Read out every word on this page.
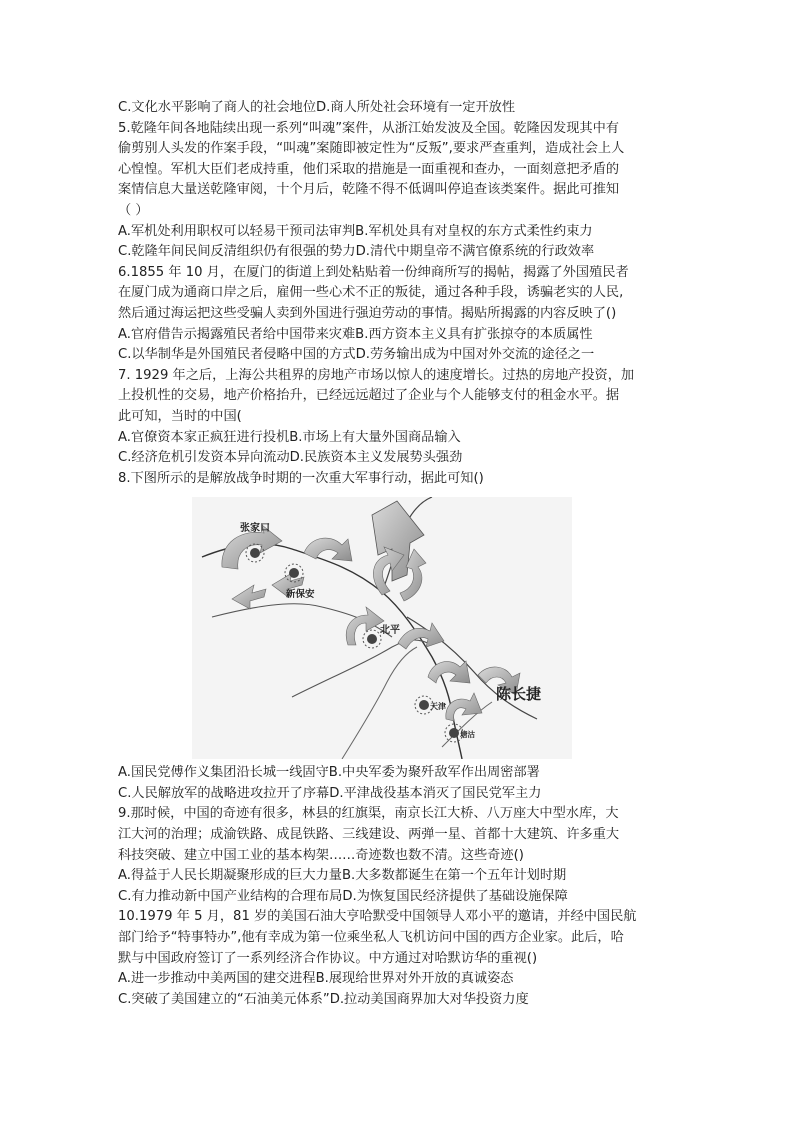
C.文化水平影响了商人的社会地位D.商人所处社会环境有一定开放性
5.乾隆年间各地陆续出现一系列“叫魂”案件，从浙江始发波及全国。乾隆因发现其中有
偷剪别人头发的作案手段，“叫魂”案随即被定性为“反叛”,要求严查重判，造成社会上人
心惶惶。军机大臣们老成持重，他们采取的措施是一面重视和查办，一面刻意把矛盾的
案情信息大量送乾隆审阅，十个月后，乾隆不得不低调叫停追查该类案件。据此可推知
（ ）
A.军机处利用职权可以轻易干预司法审判B.军机处具有对皇权的东方式柔性约束力
C.乾隆年间民间反清组织仍有很强的势力D.清代中期皇帝不满官僚系统的行政效率
6.1855 年 10 月，在厦门的街道上到处粘贴着一份绅商所写的揭帖，揭露了外国殖民者
在厦门成为通商口岸之后，雇佣一些心术不正的叛徒，通过各种手段，诱骗老实的人民,
然后通过海运把这些受骗人卖到外国进行强迫劳动的事情。揭贴所揭露的内容反映了()
A.官府借告示揭露殖民者给中国带来灾难B.西方资本主义具有扩张掠夺的本质属性
C.以华制华是外国殖民者侵略中国的方式D.劳务输出成为中国对外交流的途径之一
7. 1929 年之后，上海公共租界的房地产市场以惊人的速度增长。过热的房地产投资，加
上投机性的交易，地产价格抬升，已经远远超过了企业与个人能够支付的租金水平。据
此可知，当时的中国(
A.官僚资本家正疯狂进行投机B.市场上有大量外国商品输入
C.经济危机引发资本异向流动D.民族资本主义发展势头强劲
8.下图所示的是解放战争时期的一次重大军事行动，据此可知()
张家口
新保安
北平
天津
塘沽
陈长捷
A.国民党傅作义集团沿长城一线固守B.中央军委为聚歼敌军作出周密部署
C.人民解放军的战略进攻拉开了序幕D.平津战役基本消灭了国民党军主力
9.那时候，中国的奇迹有很多，林县的红旗渠，南京长江大桥、八万座大中型水库，大
江大河的治理；成渝铁路、成昆铁路、三线建设、两弹一星、首都十大建筑、许多重大
科技突破、建立中国工业的基本构架……奇迹数也数不清。这些奇迹()
A.得益于人民长期凝聚形成的巨大力量B.大多数都诞生在第一个五年计划时期
C.有力推动新中国产业结构的合理布局D.为恢复国民经济提供了基础设施保障
10.1979 年 5 月，81 岁的美国石油大亨哈默受中国领导人邓小平的邀请，并经中国民航
部门给予“特事特办”,他有幸成为第一位乘坐私人飞机访问中国的西方企业家。此后，哈
默与中国政府签订了一系列经济合作协议。中方通过对哈默访华的重视()
A.进一步推动中美两国的建交进程B.展现给世界对外开放的真诚姿态
C.突破了美国建立的“石油美元体系”D.拉动美国商界加大对华投资力度
